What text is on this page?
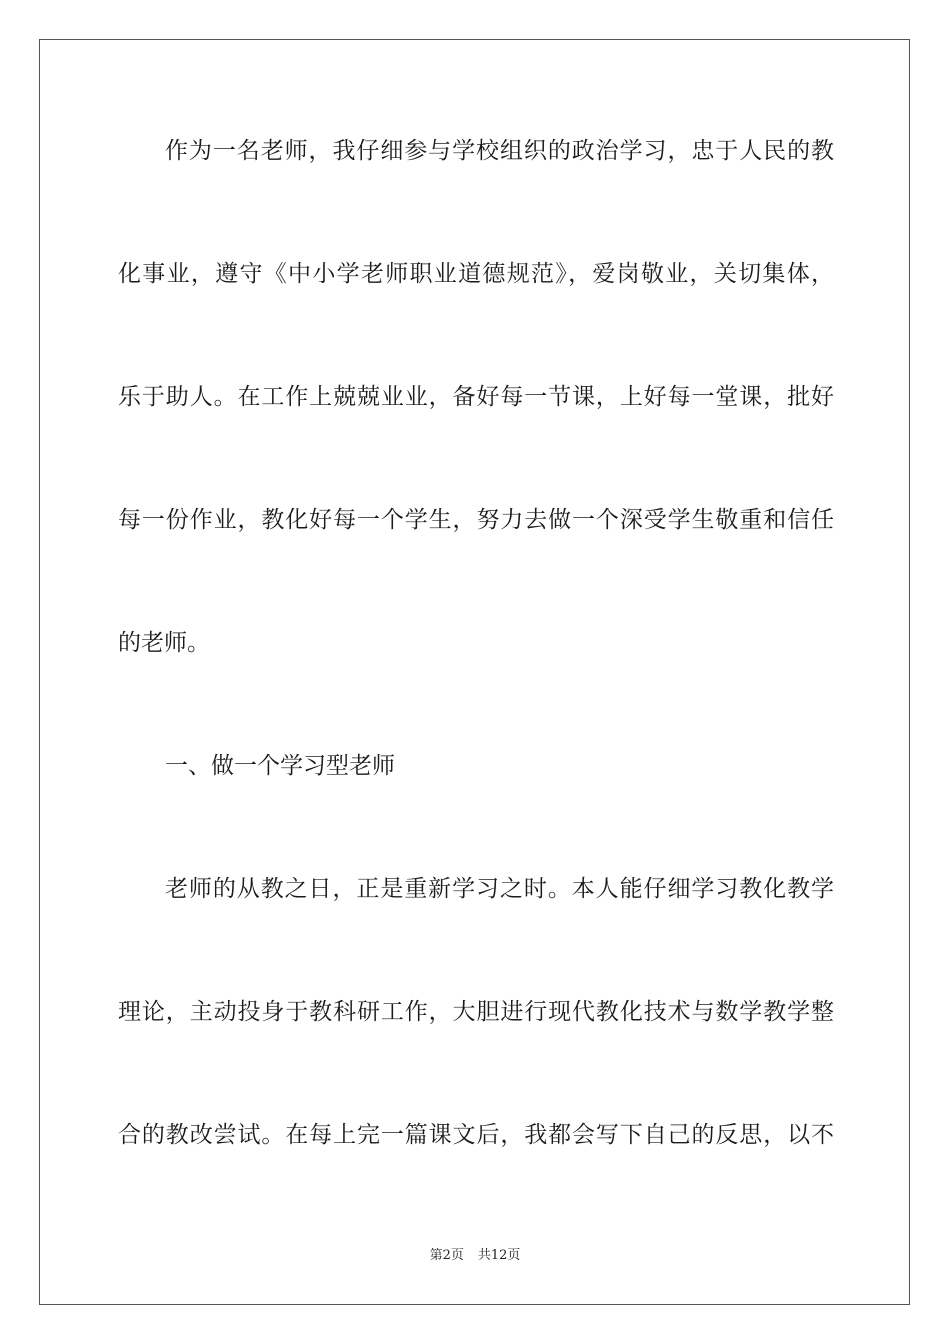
作为一名老师，我仔细参与学校组织的政治学习，忠于人民的教
化事业，遵守《中小学老师职业道德规范》，爱岗敬业，关切集体，
乐于助人。在工作上兢兢业业，备好每一节课，上好每一堂课，批好
每一份作业，教化好每一个学生，努力去做一个深受学生敬重和信任
的老师。
一、做一个学习型老师
老师的从教之日，正是重新学习之时。本人能仔细学习教化教学
理论，主动投身于教科研工作，大胆进行现代教化技术与数学教学整
合的教改尝试。在每上完一篇课文后，我都会写下自己的反思，以不
第2页 共12页
